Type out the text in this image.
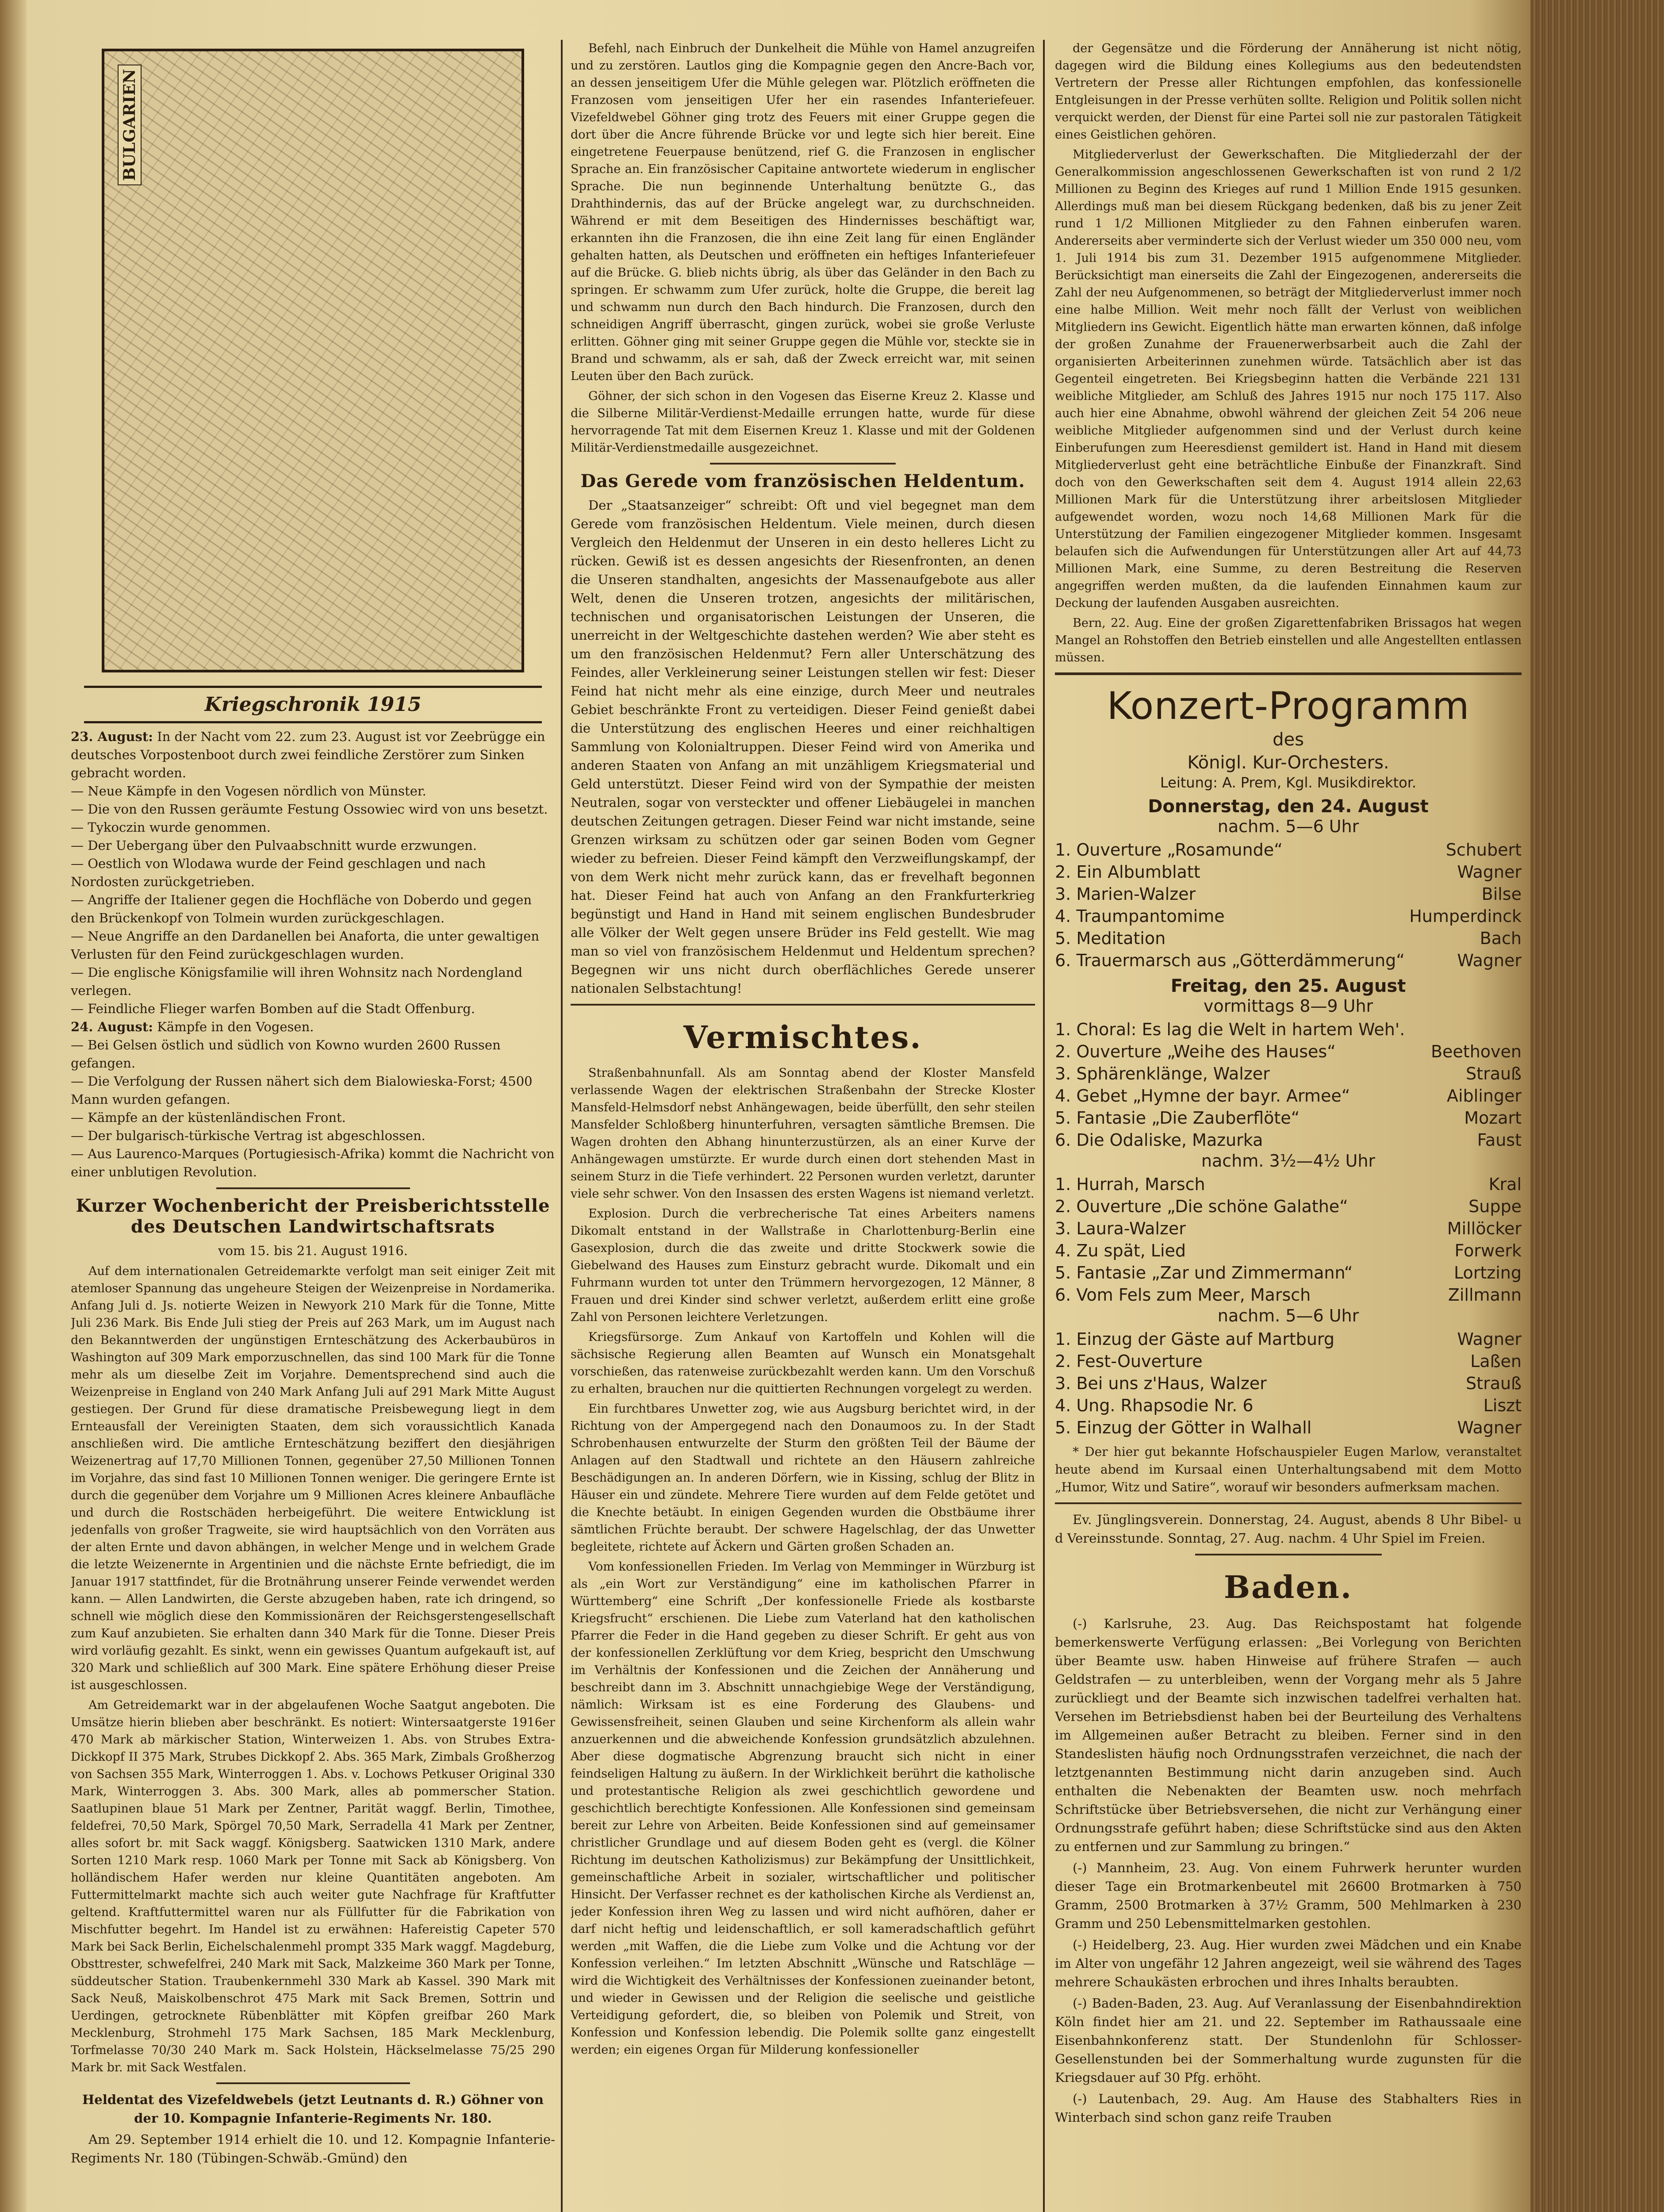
BULGARIEN
Kriegschronik 1915

23. August: In der Nacht vom 22. zum 23. August ist vor Zeebrügge ein deutsches Vorpostenboot durch zwei feindliche Zerstörer zum Sinken gebracht worden.

— Neue Kämpfe in den Vogesen nördlich von Münster.

— Die von den Russen geräumte Festung Ossowiec wird von uns besetzt.

— Tykoczin wurde genommen.

— Der Uebergang über den Pulvaabschnitt wurde erzwungen.

— Oestlich von Wlodawa wurde der Feind geschlagen und nach Nordosten zurückgetrieben.

— Angriffe der Italiener gegen die Hochfläche von Doberdo und gegen den Brückenkopf von Tolmein wurden zurückgeschlagen.

— Neue Angriffe an den Dardanellen bei Anaforta, die unter gewaltigen Verlusten für den Feind zurückgeschlagen wurden.

— Die englische Königsfamilie will ihren Wohnsitz nach Nordengland verlegen.

— Feindliche Flieger warfen Bomben auf die Stadt Offenburg.

24. August: Kämpfe in den Vogesen.

— Bei Gelsen östlich und südlich von Kowno wurden 2600 Russen gefangen.

— Die Verfolgung der Russen nähert sich dem Bialowieska-Forst; 4500 Mann wurden gefangen.

— Kämpfe an der küstenländischen Front.

— Der bulgarisch-türkische Vertrag ist abgeschlossen.

— Aus Laurenco-Marques (Portugiesisch-Afrika) kommt die Nachricht von einer unblutigen Revolution.

Kurzer Wochenbericht der Preisberichtsstelle des Deutschen Landwirtschaftsrats

vom 15. bis 21. August 1916.

Auf dem internationalen Getreidemarkte verfolgt man seit einiger Zeit mit atemloser Spannung das ungeheure Steigen der Weizenpreise in Nordamerika. Anfang Juli d. Js. notierte Weizen in Newyork 210 Mark für die Tonne, Mitte Juli 236 Mark. Bis Ende Juli stieg der Preis auf 263 Mark, um im August nach den Bekanntwerden der ungünstigen Ernteschätzung des Ackerbaubüros in Washington auf 309 Mark emporzuschnellen, das sind 100 Mark für die Tonne mehr als um dieselbe Zeit im Vorjahre. Dementsprechend sind auch die Weizenpreise in England von 240 Mark Anfang Juli auf 291 Mark Mitte August gestiegen. Der Grund für diese dramatische Preisbewegung liegt in dem Ernteausfall der Vereinigten Staaten, dem sich voraussichtlich Kanada anschließen wird. Die amtliche Ernteschätzung beziffert den diesjährigen Weizenertrag auf 17,70 Millionen Tonnen, gegenüber 27,50 Millionen Tonnen im Vorjahre, das sind fast 10 Millionen Tonnen weniger. Die geringere Ernte ist durch die gegenüber dem Vorjahre um 9 Millionen Acres kleinere Anbaufläche und durch die Rostschäden herbeigeführt. Die weitere Entwicklung ist jedenfalls von großer Tragweite, sie wird hauptsächlich von den Vorräten aus der alten Ernte und davon abhängen, in welcher Menge und in welchem Grade die letzte Weizenernte in Argentinien und die nächste Ernte befriedigt, die im Januar 1917 stattfindet, für die Brotnährung unserer Feinde verwendet werden kann. — Allen Landwirten, die Gerste abzugeben haben, rate ich dringend, so schnell wie möglich diese den Kommissionären der Reichsgerstengesellschaft zum Kauf anzubieten. Sie erhalten dann 340 Mark für die Tonne. Dieser Preis wird vorläufig gezahlt. Es sinkt, wenn ein gewisses Quantum aufgekauft ist, auf 320 Mark und schließlich auf 300 Mark. Eine spätere Erhöhung dieser Preise ist ausgeschlossen.

Am Getreidemarkt war in der abgelaufenen Woche Saatgut angeboten. Die Umsätze hierin blieben aber beschränkt. Es notiert: Wintersaatgerste 1916er 470 Mark ab märkischer Station, Winterweizen 1. Abs. von Strubes Extra-Dickkopf II 375 Mark, Strubes Dickkopf 2. Abs. 365 Mark, Zimbals Großherzog von Sachsen 355 Mark, Winterroggen 1. Abs. v. Lochows Petkuser Original 330 Mark, Winterroggen 3. Abs. 300 Mark, alles ab pommerscher Station. Saatlupinen blaue 51 Mark per Zentner, Parität waggf. Berlin, Timothee, feldefrei, 70,50 Mark, Spörgel 70,50 Mark, Serradella 41 Mark per Zentner, alles sofort br. mit Sack waggf. Königsberg. Saatwicken 1310 Mark, andere Sorten 1210 Mark resp. 1060 Mark per Tonne mit Sack ab Königsberg. Von holländischem Hafer werden nur kleine Quantitäten angeboten. Am Futtermittelmarkt machte sich auch weiter gute Nachfrage für Kraftfutter geltend. Kraftfuttermittel waren nur als Füllfutter für die Fabrikation von Mischfutter begehrt. Im Handel ist zu erwähnen: Hafereistig Capeter 570 Mark bei Sack Berlin, Eichelschalenmehl prompt 335 Mark waggf. Magdeburg, Obsttrester, schwefelfrei, 240 Mark mit Sack, Malzkeime 360 Mark per Tonne, süddeutscher Station. Traubenkernmehl 330 Mark ab Kassel. 390 Mark mit Sack Neuß, Maiskolbenschrot 475 Mark mit Sack Bremen, Sottrin und Uerdingen, getrocknete Rübenblätter mit Köpfen greifbar 260 Mark Mecklenburg, Strohmehl 175 Mark Sachsen, 185 Mark Mecklenburg, Torfmelasse 70/30 240 Mark m. Sack Holstein, Häckselmelasse 75/25 290 Mark br. mit Sack Westfalen.

Heldentat des Vizefeldwebels (jetzt Leutnants d. R.) Göhner von der 10. Kompagnie Infanterie-Regiments Nr. 180.

Am 29. September 1914 erhielt die 10. und 12. Kompagnie Infanterie-Regiments Nr. 180 (Tübingen-Schwäb.-Gmünd) den

Befehl, nach Einbruch der Dunkelheit die Mühle von Hamel anzugreifen und zu zerstören. Lautlos ging die Kompagnie gegen den Ancre-Bach vor, an dessen jenseitigem Ufer die Mühle gelegen war. Plötzlich eröffneten die Franzosen vom jenseitigen Ufer her ein rasendes Infanteriefeuer. Vizefeldwebel Göhner ging trotz des Feuers mit einer Gruppe gegen die dort über die Ancre führende Brücke vor und legte sich hier bereit. Eine eingetretene Feuerpause benützend, rief G. die Franzosen in englischer Sprache an. Ein französischer Capitaine antwortete wiederum in englischer Sprache. Die nun beginnende Unterhaltung benützte G., das Drahthindernis, das auf der Brücke angelegt war, zu durchschneiden. Während er mit dem Beseitigen des Hindernisses beschäftigt war, erkannten ihn die Franzosen, die ihn eine Zeit lang für einen Engländer gehalten hatten, als Deutschen und eröffneten ein heftiges Infanteriefeuer auf die Brücke. G. blieb nichts übrig, als über das Geländer in den Bach zu springen. Er schwamm zum Ufer zurück, holte die Gruppe, die bereit lag und schwamm nun durch den Bach hindurch. Die Franzosen, durch den schneidigen Angriff überrascht, gingen zurück, wobei sie große Verluste erlitten. Göhner ging mit seiner Gruppe gegen die Mühle vor, steckte sie in Brand und schwamm, als er sah, daß der Zweck erreicht war, mit seinen Leuten über den Bach zurück.

Göhner, der sich schon in den Vogesen das Eiserne Kreuz 2. Klasse und die Silberne Militär-Verdienst-Medaille errungen hatte, wurde für diese hervorragende Tat mit dem Eisernen Kreuz 1. Klasse und mit der Goldenen Militär-Verdienstmedaille ausgezeichnet.

Das Gerede vom französischen Heldentum.

Der „Staatsanzeiger“ schreibt: Oft und viel begegnet man dem Gerede vom französischen Heldentum. Viele meinen, durch diesen Vergleich den Heldenmut der Unseren in ein desto helleres Licht zu rücken. Gewiß ist es dessen angesichts der Riesenfronten, an denen die Unseren standhalten, angesichts der Massenaufgebote aus aller Welt, denen die Unseren trotzen, angesichts der militärischen, technischen und organisatorischen Leistungen der Unseren, die unerreicht in der Weltgeschichte dastehen werden? Wie aber steht es um den französischen Heldenmut? Fern aller Unterschätzung des Feindes, aller Verkleinerung seiner Leistungen stellen wir fest: Dieser Feind hat nicht mehr als eine einzige, durch Meer und neutrales Gebiet beschränkte Front zu verteidigen. Dieser Feind genießt dabei die Unterstützung des englischen Heeres und einer reichhaltigen Sammlung von Kolonialtruppen. Dieser Feind wird von Amerika und anderen Staaten von Anfang an mit unzähligem Kriegsmaterial und Geld unterstützt. Dieser Feind wird von der Sympathie der meisten Neutralen, sogar von versteckter und offener Liebäugelei in manchen deutschen Zeitungen getragen. Dieser Feind war nicht imstande, seine Grenzen wirksam zu schützen oder gar seinen Boden vom Gegner wieder zu befreien. Dieser Feind kämpft den Verzweiflungskampf, der von dem Werk nicht mehr zurück kann, das er frevelhaft begonnen hat. Dieser Feind hat auch von Anfang an den Frankfurterkrieg begünstigt und Hand in Hand mit seinem englischen Bundesbruder alle Völker der Welt gegen unsere Brüder ins Feld gestellt. Wie mag man so viel von französischem Heldenmut und Heldentum sprechen? Begegnen wir uns nicht durch oberflächliches Gerede unserer nationalen Selbstachtung!

Vermischtes.

Straßenbahnunfall. Als am Sonntag abend der Kloster Mansfeld verlassende Wagen der elektrischen Straßenbahn der Strecke Kloster Mansfeld-Helmsdorf nebst Anhängewagen, beide überfüllt, den sehr steilen Mansfelder Schloßberg hinunterfuhren, versagten sämtliche Bremsen. Die Wagen drohten den Abhang hinunterzustürzen, als an einer Kurve der Anhängewagen umstürzte. Er wurde durch einen dort stehenden Mast in seinem Sturz in die Tiefe verhindert. 22 Personen wurden verletzt, darunter viele sehr schwer. Von den Insassen des ersten Wagens ist niemand verletzt.

Explosion. Durch die verbrecherische Tat eines Arbeiters namens Dikomalt entstand in der Wallstraße in Charlottenburg-Berlin eine Gasexplosion, durch die das zweite und dritte Stockwerk sowie die Giebelwand des Hauses zum Einsturz gebracht wurde. Dikomalt und ein Fuhrmann wurden tot unter den Trümmern hervorgezogen, 12 Männer, 8 Frauen und drei Kinder sind schwer verletzt, außerdem erlitt eine große Zahl von Personen leichtere Verletzungen.

Kriegsfürsorge. Zum Ankauf von Kartoffeln und Kohlen will die sächsische Regierung allen Beamten auf Wunsch ein Monatsgehalt vorschießen, das ratenweise zurückbezahlt werden kann. Um den Vorschuß zu erhalten, brauchen nur die quittierten Rechnungen vorgelegt zu werden.

Ein furchtbares Unwetter zog, wie aus Augsburg berichtet wird, in der Richtung von der Ampergegend nach den Donaumoos zu. In der Stadt Schrobenhausen entwurzelte der Sturm den größten Teil der Bäume der Anlagen auf den Stadtwall und richtete an den Häusern zahlreiche Beschädigungen an. In anderen Dörfern, wie in Kissing, schlug der Blitz in Häuser ein und zündete. Mehrere Tiere wurden auf dem Felde getötet und die Knechte betäubt. In einigen Gegenden wurden die Obstbäume ihrer sämtlichen Früchte beraubt. Der schwere Hagelschlag, der das Unwetter begleitete, richtete auf Äckern und Gärten großen Schaden an.

Vom konfessionellen Frieden. Im Verlag von Memminger in Würzburg ist als „ein Wort zur Verständigung“ eine im katholischen Pfarrer in Württemberg“ eine Schrift „Der konfessionelle Friede als kostbarste Kriegsfrucht“ erschienen. Die Liebe zum Vaterland hat den katholischen Pfarrer die Feder in die Hand gegeben zu dieser Schrift. Er geht aus von der konfessionellen Zerklüftung vor dem Krieg, bespricht den Umschwung im Verhältnis der Konfessionen und die Zeichen der Annäherung und beschreibt dann im 3. Abschnitt unnachgiebige Wege der Verständigung, nämlich: Wirksam ist es eine Forderung des Glaubens- und Gewissensfreiheit, seinen Glauben und seine Kirchenform als allein wahr anzuerkennen und die abweichende Konfession grundsätzlich abzulehnen. Aber diese dogmatische Abgrenzung braucht sich nicht in einer feindseligen Haltung zu äußern. In der Wirklichkeit berührt die katholische und protestantische Religion als zwei geschichtlich gewordene und geschichtlich berechtigte Konfessionen. Alle Konfessionen sind gemeinsam bereit zur Lehre von Arbeiten. Beide Konfessionen sind auf gemeinsamer christlicher Grundlage und auf diesem Boden geht es (vergl. die Kölner Richtung im deutschen Katholizismus) zur Bekämpfung der Unsittlichkeit, gemeinschaftliche Arbeit in sozialer, wirtschaftlicher und politischer Hinsicht. Der Verfasser rechnet es der katholischen Kirche als Verdienst an, jeder Konfession ihren Weg zu lassen und wird nicht aufhören, daher er darf nicht heftig und leidenschaftlich, er soll kameradschaftlich geführt werden „mit Waffen, die die Liebe zum Volke und die Achtung vor der Konfession verleihen.“ Im letzten Abschnitt „Wünsche und Ratschläge — wird die Wichtigkeit des Verhältnisses der Konfessionen zueinander betont, und wieder in Gewissen und der Religion die seelische und geistliche Verteidigung gefordert, die, so bleiben von Polemik und Streit, von Konfession und Konfession lebendig. Die Polemik sollte ganz eingestellt werden; ein eigenes Organ für Milderung konfessioneller

der Gegensätze und die Förderung der Annäherung ist nicht nötig, dagegen wird die Bildung eines Kollegiums aus den bedeutendsten Vertretern der Presse aller Richtungen empfohlen, das konfessionelle Entgleisungen in der Presse verhüten sollte. Religion und Politik sollen nicht verquickt werden, der Dienst für eine Partei soll nie zur pastoralen Tätigkeit eines Geistlichen gehören.

Mitgliederverlust der Gewerkschaften. Die Mitgliederzahl der der Generalkommission angeschlossenen Gewerkschaften ist von rund 2 1/2 Millionen zu Beginn des Krieges auf rund 1 Million Ende 1915 gesunken. Allerdings muß man bei diesem Rückgang bedenken, daß bis zu jener Zeit rund 1 1/2 Millionen Mitglieder zu den Fahnen einberufen waren. Andererseits aber verminderte sich der Verlust wieder um 350 000 neu, vom 1. Juli 1914 bis zum 31. Dezember 1915 aufgenommene Mitglieder. Berücksichtigt man einerseits die Zahl der Eingezogenen, andererseits die Zahl der neu Aufgenommenen, so beträgt der Mitgliederverlust immer noch eine halbe Million. Weit mehr noch fällt der Verlust von weiblichen Mitgliedern ins Gewicht. Eigentlich hätte man erwarten können, daß infolge der großen Zunahme der Frauenerwerbsarbeit auch die Zahl der organisierten Arbeiterinnen zunehmen würde. Tatsächlich aber ist das Gegenteil eingetreten. Bei Kriegsbeginn hatten die Verbände 221 131 weibliche Mitglieder, am Schluß des Jahres 1915 nur noch 175 117. Also auch hier eine Abnahme, obwohl während der gleichen Zeit 54 206 neue weibliche Mitglieder aufgenommen sind und der Verlust durch keine Einberufungen zum Heeresdienst gemildert ist. Hand in Hand mit diesem Mitgliederverlust geht eine beträchtliche Einbuße der Finanzkraft. Sind doch von den Gewerkschaften seit dem 4. August 1914 allein 22,63 Millionen Mark für die Unterstützung ihrer arbeitslosen Mitglieder aufgewendet worden, wozu noch 14,68 Millionen Mark für die Unterstützung der Familien eingezogener Mitglieder kommen. Insgesamt belaufen sich die Aufwendungen für Unterstützungen aller Art auf 44,73 Millionen Mark, eine Summe, zu deren Bestreitung die Reserven angegriffen werden mußten, da die laufenden Einnahmen kaum zur Deckung der laufenden Ausgaben ausreichten.

Bern, 22. Aug. Eine der großen Zigarettenfabriken Brissagos hat wegen Mangel an Rohstoffen den Betrieb einstellen und alle Angestellten entlassen müssen.

Konzert-Programm
des
Königl. Kur-Orchesters.
Leitung: A. Prem, Kgl. Musikdirektor.
Donnerstag, den 24. August
nachm. 5—6 Uhr
1. Ouverture „Rosamunde“	Schubert
2. Ein Albumblatt	Wagner
3. Marien-Walzer	Bilse
4. Traumpantomime	Humperdinck
5. Meditation	Bach
6. Trauermarsch aus „Götterdämmerung“	Wagner
Freitag, den 25. August
vormittags 8—9 Uhr
1. Choral: Es lag die Welt in hartem Weh'.
2. Ouverture „Weihe des Hauses“	Beethoven
3. Sphärenklänge, Walzer	Strauß
4. Gebet „Hymne der bayr. Armee“	Aiblinger
5. Fantasie „Die Zauberflöte“	Mozart
6. Die Odaliske, Mazurka	Faust
nachm. 3½—4½ Uhr
1. Hurrah, Marsch	Kral
2. Ouverture „Die schöne Galathe“	Suppe
3. Laura-Walzer	Millöcker
4. Zu spät, Lied	Forwerk
5. Fantasie „Zar und Zimmermann“	Lortzing
6. Vom Fels zum Meer, Marsch	Zillmann
nachm. 5—6 Uhr
1. Einzug der Gäste auf Martburg	Wagner
2. Fest-Ouverture	Laßen
3. Bei uns z'Haus, Walzer	Strauß
4. Ung. Rhapsodie Nr. 6	Liszt
5. Einzug der Götter in Walhall	Wagner

* Der hier gut bekannte Hofschauspieler Eugen Marlow, veranstaltet heute abend im Kursaal einen Unterhaltungsabend mit dem Motto „Humor, Witz und Satire“, worauf wir besonders aufmerksam machen.

Ev. Jünglingsverein. Donnerstag, 24. August, abends 8 Uhr Bibel- u d Vereinsstunde. Sonntag, 27. Aug. nachm. 4 Uhr Spiel im Freien.

Baden.

(-) Karlsruhe, 23. Aug. Das Reichspostamt hat folgende bemerkenswerte Verfügung erlassen: „Bei Vorlegung von Berichten über Beamte usw. haben Hinweise auf frühere Strafen — auch Geldstrafen — zu unterbleiben, wenn der Vorgang mehr als 5 Jahre zurückliegt und der Beamte sich inzwischen tadelfrei verhalten hat. Versehen im Betriebsdienst haben bei der Beurteilung des Verhaltens im Allgemeinen außer Betracht zu bleiben. Ferner sind in den Standeslisten häufig noch Ordnungsstrafen verzeichnet, die nach der letztgenannten Bestimmung nicht darin anzugeben sind. Auch enthalten die Nebenakten der Beamten usw. noch mehrfach Schriftstücke über Betriebsversehen, die nicht zur Verhängung einer Ordnungsstrafe geführt haben; diese Schriftstücke sind aus den Akten zu entfernen und zur Sammlung zu bringen.“

(-) Mannheim, 23. Aug. Von einem Fuhrwerk herunter wurden dieser Tage ein Brotmarkenbeutel mit 26600 Brotmarken à 750 Gramm, 2500 Brotmarken à 37½ Gramm, 500 Mehlmarken à 230 Gramm und 250 Lebensmittelmarken gestohlen.

(-) Heidelberg, 23. Aug. Hier wurden zwei Mädchen und ein Knabe im Alter von ungefähr 12 Jahren angezeigt, weil sie während des Tages mehrere Schaukästen erbrochen und ihres Inhalts beraubten.

(-) Baden-Baden, 23. Aug. Auf Veranlassung der Eisenbahndirektion Köln findet hier am 21. und 22. September im Rathaussaale eine Eisenbahnkonferenz statt. Der Stundenlohn für Schlosser-Gesellenstunden bei der Sommerhaltung wurde zugunsten für die Kriegsdauer auf 30 Pfg. erhöht.

(-) Lautenbach, 29. Aug. Am Hause des Stabhalters Ries in Winterbach sind schon ganz reife Trauben
